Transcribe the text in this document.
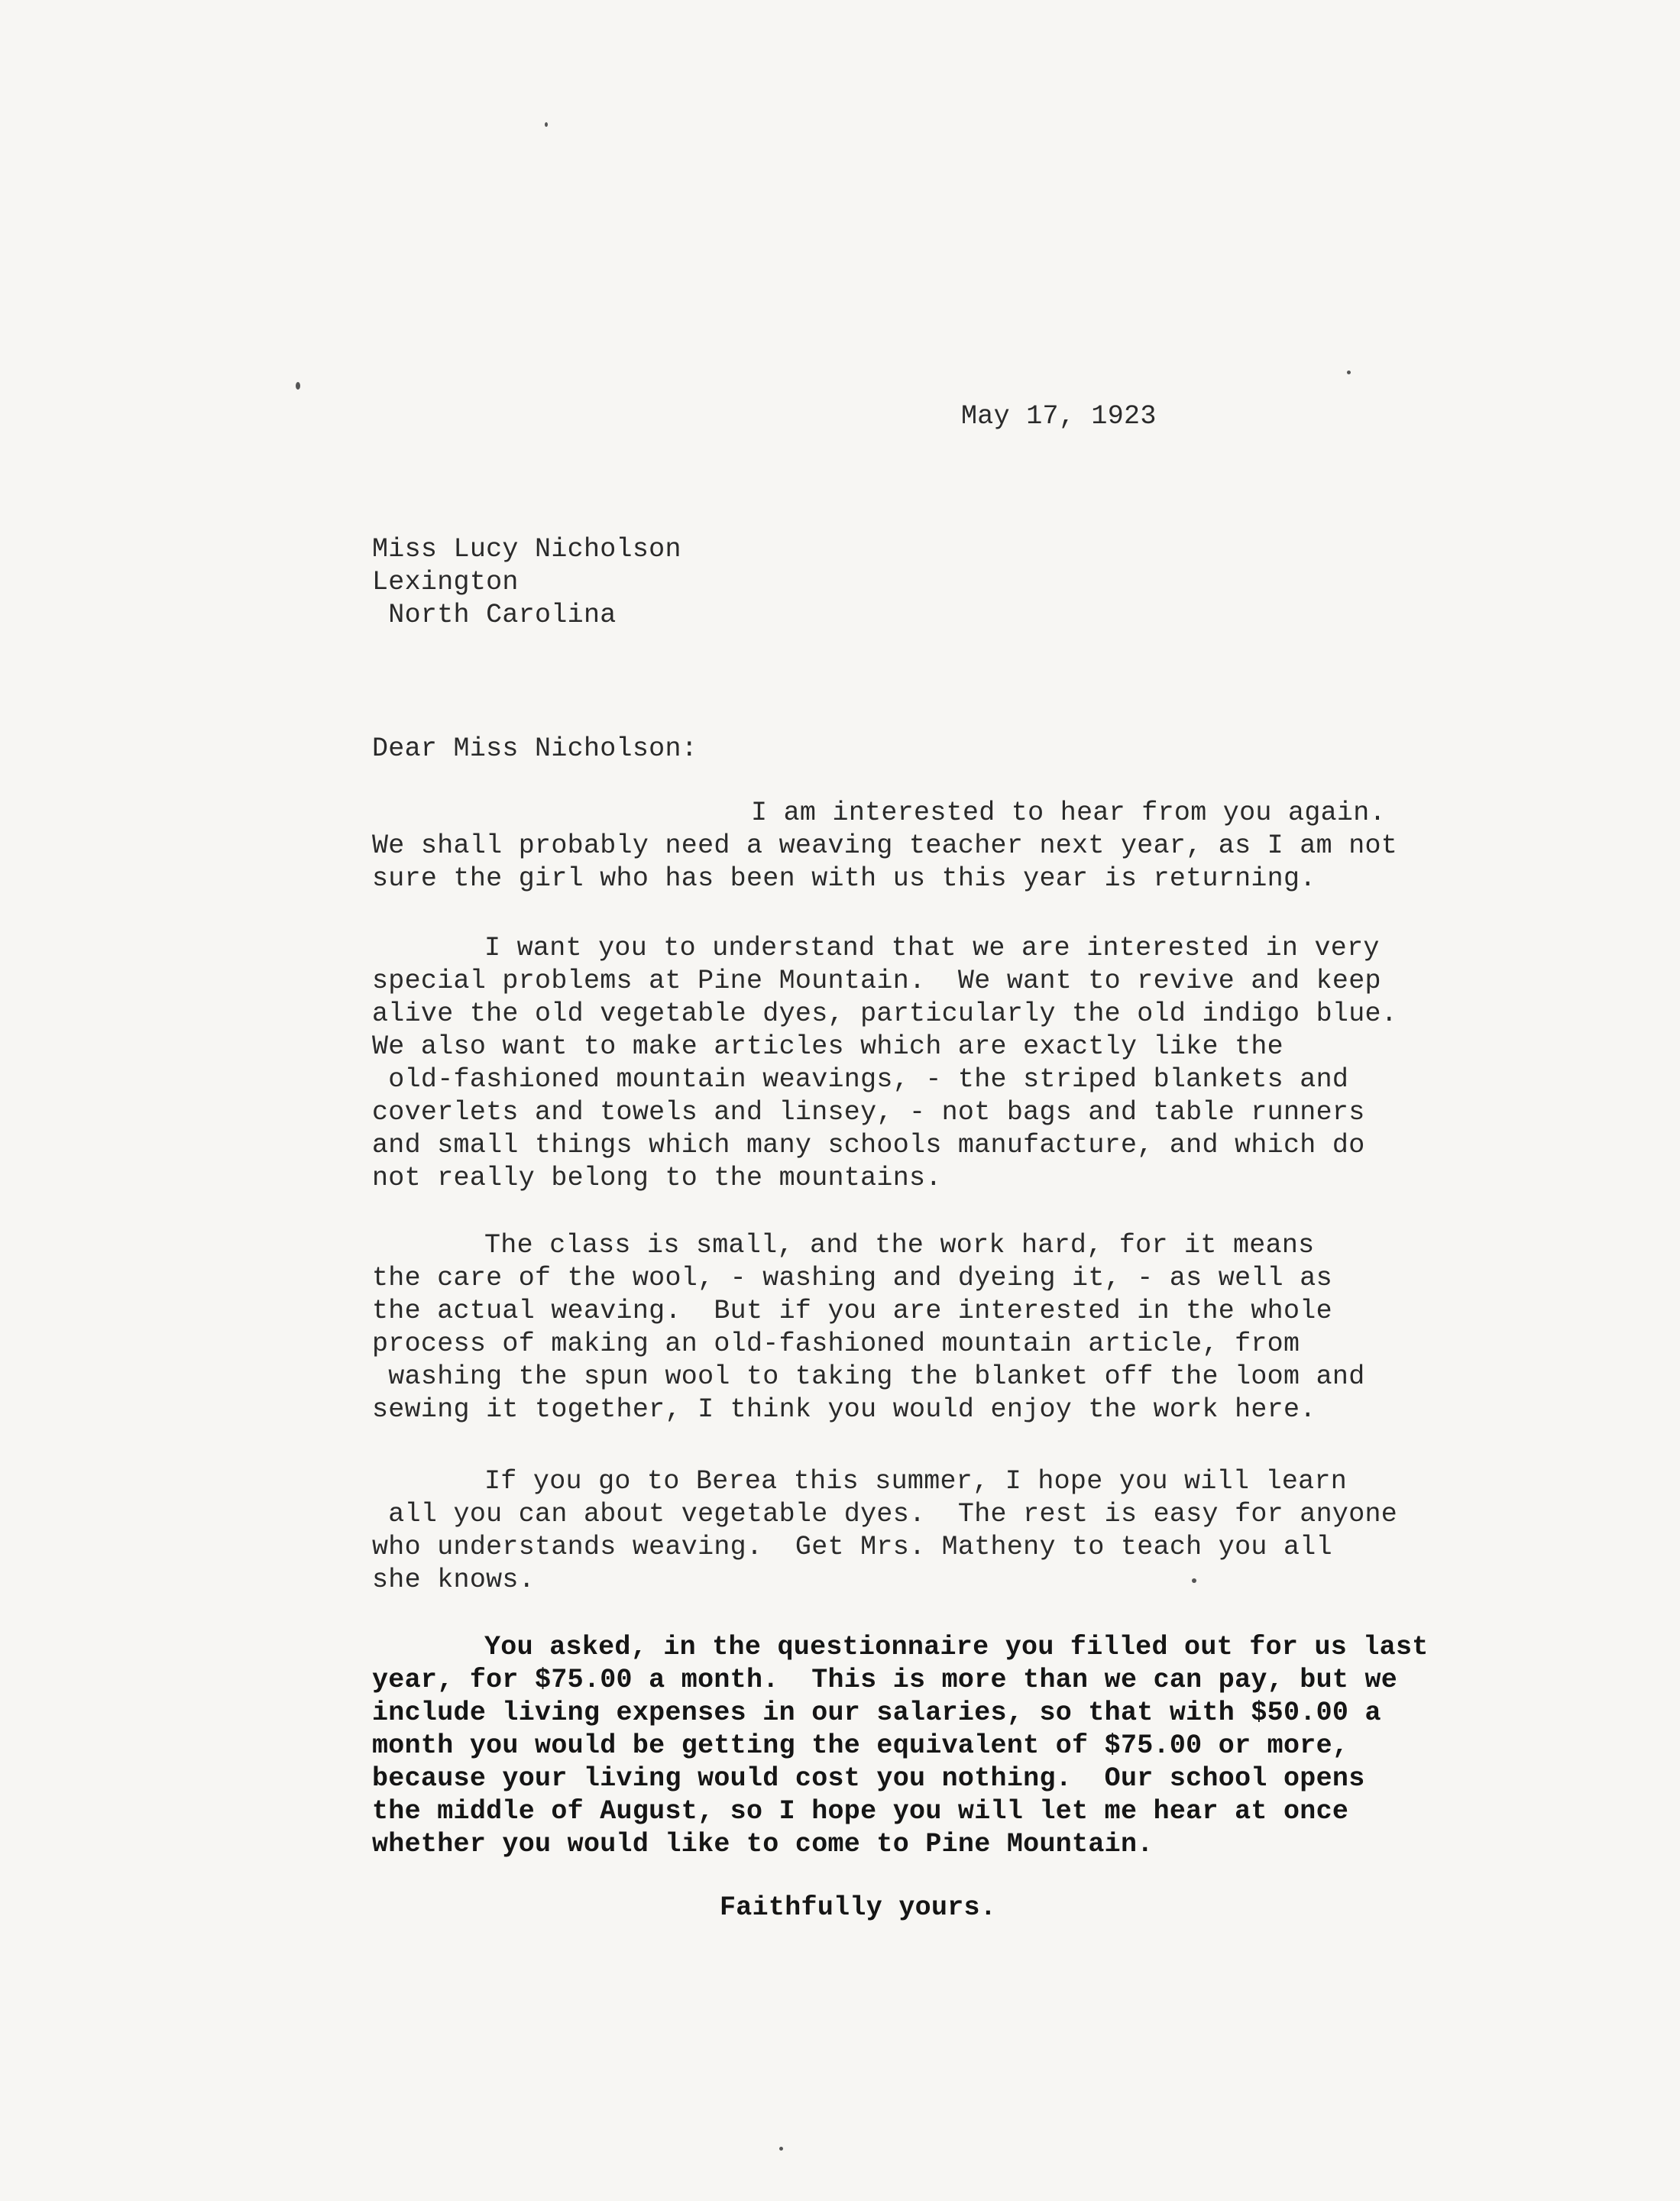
May 17, 1923
Miss Lucy Nicholson
Lexington
North Carolina
Dear Miss Nicholson:
I am interested to hear from you again.
We shall probably need a weaving teacher next year, as I am not
sure the girl who has been with us this year is returning.
I want you to understand that we are interested in very
special problems at Pine Mountain.  We want to revive and keep
alive the old vegetable dyes, particularly the old indigo blue.
We also want to make articles which are exactly like the
old-fashioned mountain weavings, - the striped blankets and
coverlets and towels and linsey, - not bags and table runners
and small things which many schools manufacture, and which do
not really belong to the mountains.
The class is small, and the work hard, for it means
the care of the wool, - washing and dyeing it, - as well as
the actual weaving.  But if you are interested in the whole
process of making an old-fashioned mountain article, from
washing the spun wool to taking the blanket off the loom and
sewing it together, I think you would enjoy the work here.
If you go to Berea this summer, I hope you will learn
all you can about vegetable dyes.  The rest is easy for anyone
who understands weaving.  Get Mrs. Matheny to teach you all
she knows.
You asked, in the questionnaire you filled out for us last
year, for $75.00 a month.  This is more than we can pay, but we
include living expenses in our salaries, so that with $50.00 a
month you would be getting the equivalent of $75.00 or more,
because your living would cost you nothing.  Our school opens
the middle of August, so I hope you will let me hear at once
whether you would like to come to Pine Mountain.
Faithfully yours.
